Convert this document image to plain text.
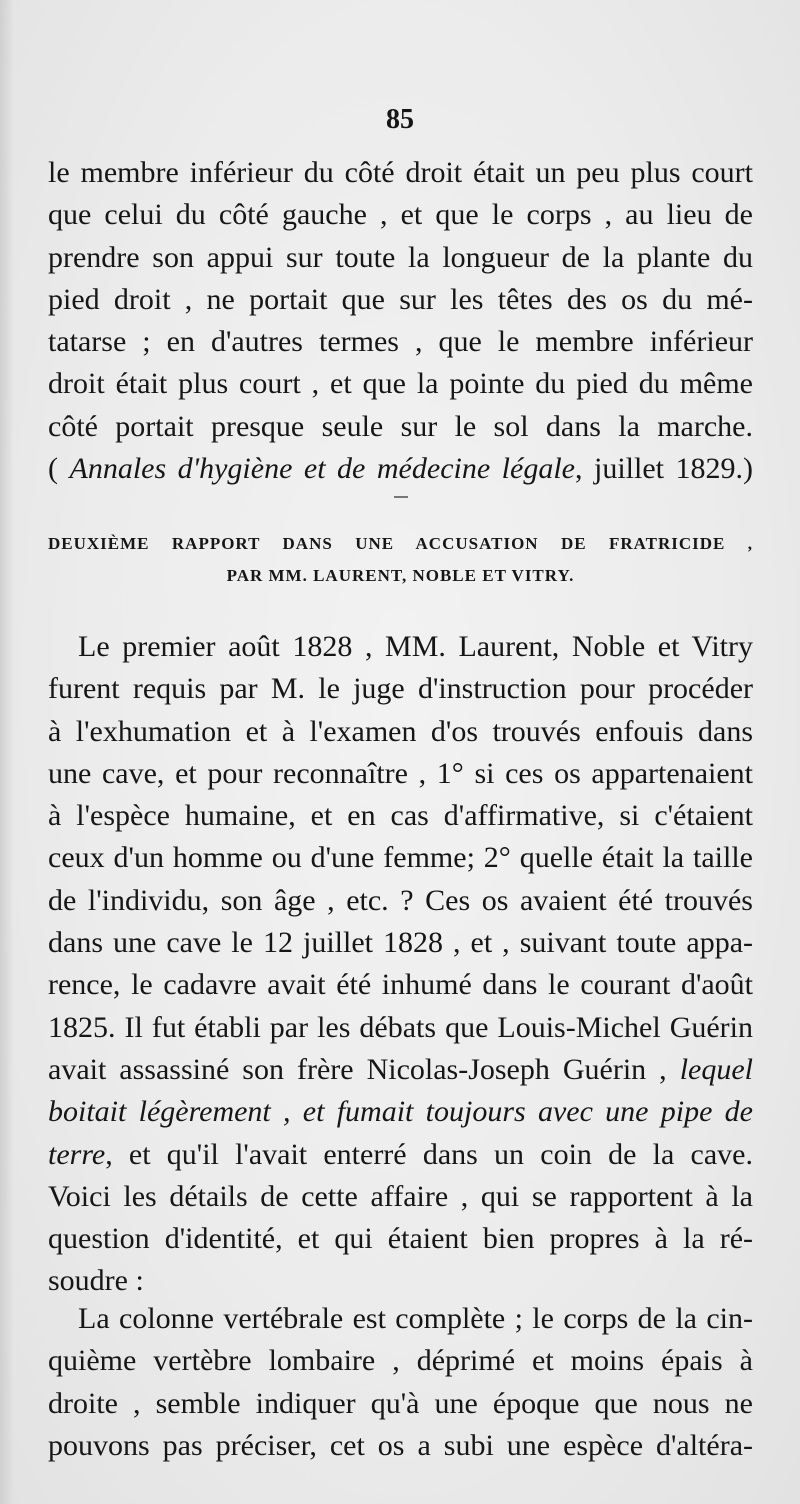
85
le membre inférieur du côté droit était un peu plus court
que celui du côté gauche , et que le corps , au lieu de
prendre son appui sur toute la longueur de la plante du
pied droit , ne portait que sur les têtes des os du mé-
tatarse ; en d'autres termes , que le membre inférieur
droit était plus court , et que la pointe du pied du même
côté portait presque seule sur le sol dans la marche.
( Annales d'hygiène et de médecine légale, juillet 1829.)
DEUXIÈME RAPPORT DANS UNE ACCUSATION DE FRATRICIDE ,
PAR MM. LAURENT, NOBLE ET VITRY.
Le premier août 1828 , MM. Laurent, Noble et Vitry
furent requis par M. le juge d'instruction pour procéder
à l'exhumation et à l'examen d'os trouvés enfouis dans
une cave, et pour reconnaître , 1° si ces os appartenaient
à l'espèce humaine, et en cas d'affirmative, si c'étaient
ceux d'un homme ou d'une femme; 2° quelle était la taille
de l'individu, son âge , etc. ? Ces os avaient été trouvés
dans une cave le 12 juillet 1828 , et , suivant toute appa-
rence, le cadavre avait été inhumé dans le courant d'août
1825. Il fut établi par les débats que Louis-Michel Guérin
avait assassiné son frère Nicolas-Joseph Guérin , lequel
boitait légèrement , et fumait toujours avec une pipe de
terre, et qu'il l'avait enterré dans un coin de la cave.
Voici les détails de cette affaire , qui se rapportent à la
question d'identité, et qui étaient bien propres à la ré-
soudre :
La colonne vertébrale est complète ; le corps de la cin-
quième vertèbre lombaire , déprimé et moins épais à
droite , semble indiquer qu'à une époque que nous ne
pouvons pas préciser, cet os a subi une espèce d'altéra-
